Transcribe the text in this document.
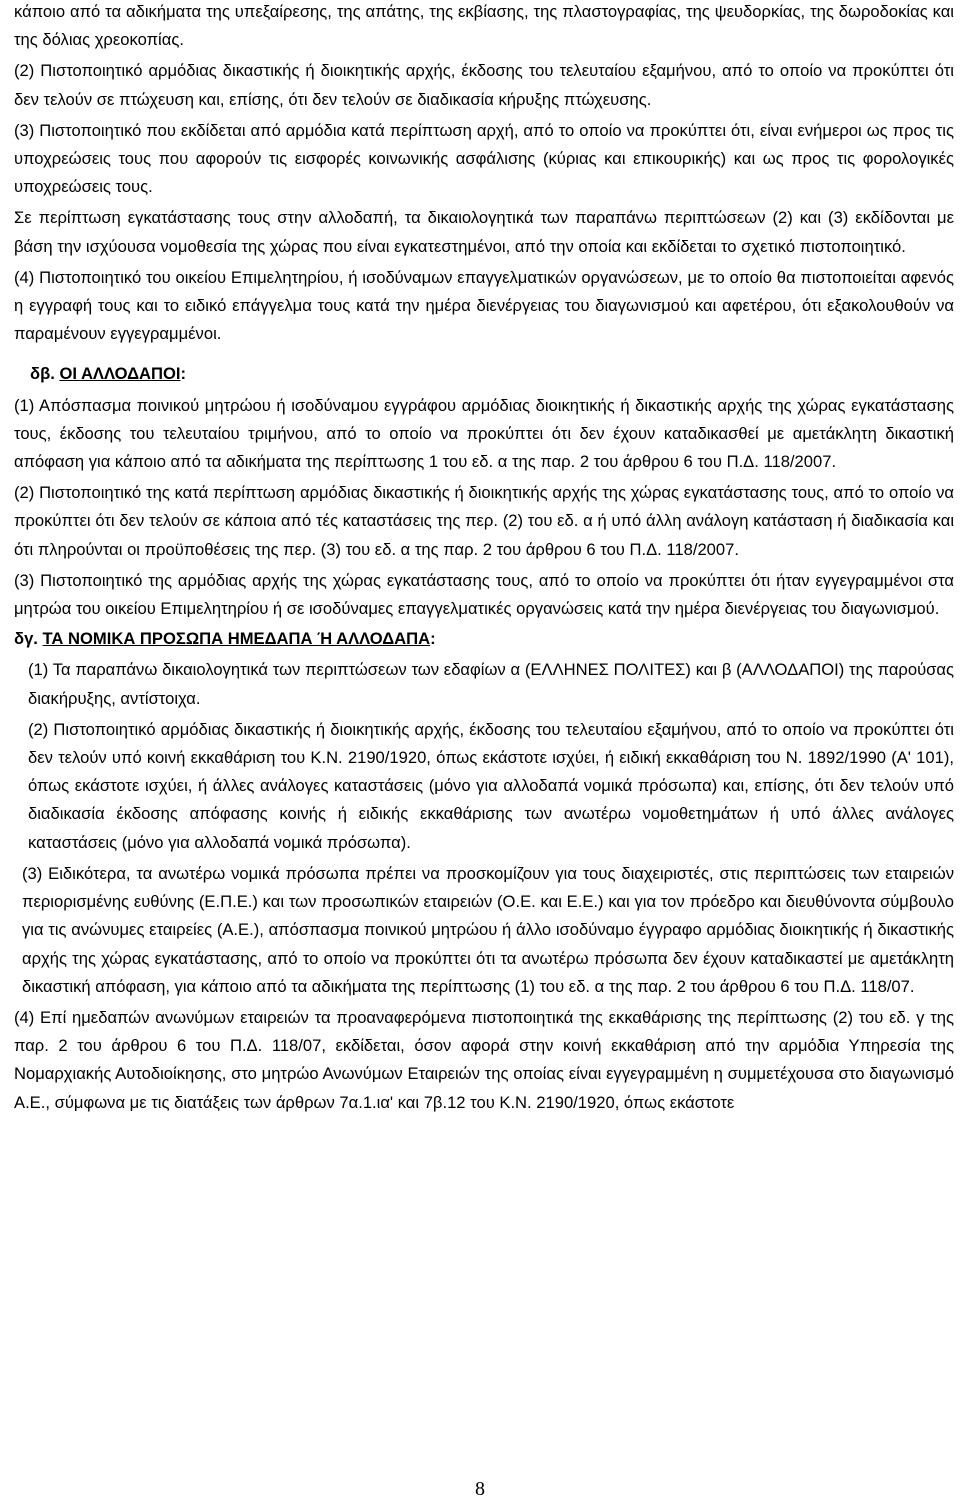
κάποιο από τα αδικήματα της υπεξαίρεσης, της απάτης, της εκβίασης, της πλαστογραφίας, της ψευδορκίας, της δωροδοκίας και της δόλιας χρεοκοπίας.

(2) Πιστοποιητικό αρμόδιας δικαστικής ή διοικητικής αρχής, έκδοσης του τελευταίου εξαμήνου, από το οποίο να προκύπτει ότι δεν τελούν σε πτώχευση και, επίσης, ότι δεν τελούν σε διαδικασία κήρυξης πτώχευσης.

(3) Πιστοποιητικό που εκδίδεται από αρμόδια κατά περίπτωση αρχή, από το οποίο να προκύπτει ότι, είναι ενήμεροι ως προς τις υποχρεώσεις τους που αφορούν τις εισφορές κοινωνικής ασφάλισης (κύριας και επικουρικής) και ως προς τις φορολογικές υποχρεώσεις τους.

Σε περίπτωση εγκατάστασης τους στην αλλοδαπή, τα δικαιολογητικά των παραπάνω περιπτώσεων (2) και (3) εκδίδονται με βάση την ισχύουσα νομοθεσία της χώρας που είναι εγκατεστημένοι, από την οποία και εκδίδεται το σχετικό πιστοποιητικό.

(4) Πιστοποιητικό του οικείου Επιμελητηρίου, ή ισοδύναμων επαγγελματικών οργανώσεων, με το οποίο θα πιστοποιείται αφενός η εγγραφή τους και το ειδικό επάγγελμα τους κατά την ημέρα διενέργειας του διαγωνισμού και αφετέρου, ότι εξακολουθούν να παραμένουν εγγεγραμμένοι.

δβ. ΟΙ ΑΛΛΟΔΑΠΟΙ:

(1) Απόσπασμα ποινικού μητρώου ή ισοδύναμου εγγράφου αρμόδιας διοικητικής ή δικαστικής αρχής της χώρας εγκατάστασης τους, έκδοσης του τελευταίου τριμήνου, από το οποίο να προκύπτει ότι δεν έχουν καταδικασθεί με αμετάκλητη δικαστική απόφαση για κάποιο από τα αδικήματα της περίπτωσης 1 του εδ. α της παρ. 2 του άρθρου 6 του Π.Δ. 118/2007.

(2) Πιστοποιητικό της κατά περίπτωση αρμόδιας δικαστικής ή διοικητικής αρχής της χώρας εγκατάστασης τους, από το οποίο να προκύπτει ότι δεν τελούν σε κάποια από τές καταστάσεις της περ. (2) του εδ. α ή υπό άλλη ανάλογη κατάσταση ή διαδικασία και ότι πληρούνται οι προϋποθέσεις της περ. (3) του εδ. α της παρ. 2 του άρθρου 6 του Π.Δ. 118/2007.

(3) Πιστοποιητικό της αρμόδιας αρχής της χώρας εγκατάστασης τους, από το οποίο να προκύπτει ότι ήταν εγγεγραμμένοι στα μητρώα του οικείου Επιμελητηρίου ή σε ισοδύναμες επαγγελματικές οργανώσεις κατά την ημέρα διενέργειας του διαγωνισμού.

δγ. ΤΑ ΝΟΜΙΚΑ ΠΡΟΣΩΠΑ ΗΜΕΔΑΠΑ Ή ΑΛΛΟΔΑΠΑ:

(1) Τα παραπάνω δικαιολογητικά των περιπτώσεων των εδαφίων α (ΕΛΛΗΝΕΣ ΠΟΛΙΤΕΣ) και β (ΑΛΛΟΔΑΠΟΙ) της παρούσας διακήρυξης, αντίστοιχα.

(2) Πιστοποιητικό αρμόδιας δικαστικής ή διοικητικής αρχής, έκδοσης του τελευταίου εξαμήνου, από το οποίο να προκύπτει ότι δεν τελούν υπό κοινή εκκαθάριση του Κ.Ν. 2190/1920, όπως εκάστοτε ισχύει, ή ειδική εκκαθάριση του Ν. 1892/1990 (Α' 101), όπως εκάστοτε ισχύει, ή άλλες ανάλογες καταστάσεις (μόνο για αλλοδαπά νομικά πρόσωπα) και, επίσης, ότι δεν τελούν υπό διαδικασία έκδοσης απόφασης κοινής ή ειδικής εκκαθάρισης των ανωτέρω νομοθετημάτων ή υπό άλλες ανάλογες καταστάσεις (μόνο για αλλοδαπά νομικά πρόσωπα).

(3) Ειδικότερα, τα ανωτέρω νομικά πρόσωπα πρέπει να προσκομίζουν για τους διαχειριστές, στις περιπτώσεις των εταιρειών περιορισμένης ευθύνης (Ε.Π.Ε.) και των προσωπικών εταιρειών (Ο.Ε. και Ε.Ε.) και για τον πρόεδρο και διευθύνοντα σύμβουλο για τις ανώνυμες εταιρείες (Α.Ε.), απόσπασμα ποινικού μητρώου ή άλλο ισοδύναμο έγγραφο αρμόδιας διοικητικής ή δικαστικής αρχής της χώρας εγκατάστασης, από το οποίο να προκύπτει ότι τα ανωτέρω πρόσωπα δεν έχουν καταδικαστεί με αμετάκλητη δικαστική απόφαση, για κάποιο από τα αδικήματα της περίπτωσης (1) του εδ. α της παρ. 2 του άρθρου 6 του Π.Δ. 118/07.

(4) Επί ημεδαπών ανωνύμων εταιρειών τα προαναφερόμενα πιστοποιητικά της εκκαθάρισης της περίπτωσης (2) του εδ. γ της παρ. 2 του άρθρου 6 του Π.Δ. 118/07, εκδίδεται, όσον αφορά στην κοινή εκκαθάριση από την αρμόδια Υπηρεσία της Νομαρχιακής Αυτοδιοίκησης, στο μητρώο Ανωνύμων Εταιρειών της οποίας είναι εγγεγραμμένη η συμμετέχουσα στο διαγωνισμό Α.Ε., σύμφωνα με τις διατάξεις των άρθρων 7α.1.ια' και 7β.12 του Κ.Ν. 2190/1920, όπως εκάστοτε

8
